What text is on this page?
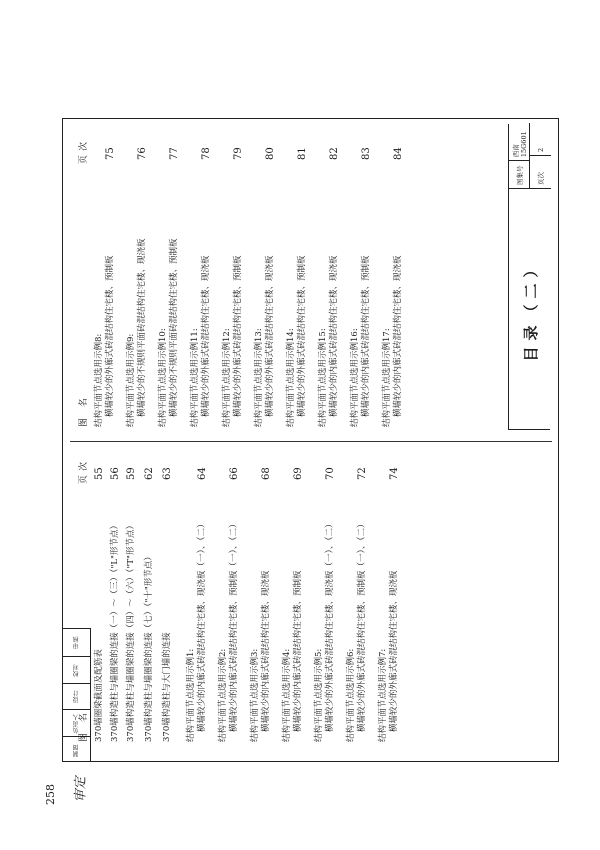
审核
校对
设计
负责人
制图
审定
258
图 名
页次
图 名
页次
370墙圈梁截面及配筋表
55
370墙构造柱与墙圈梁的连接（一）～（三）（"L"形节点）
56
370墙构造柱与墙圈梁的连接（四）～（六）（"T"形节点）
59
370墙构造柱与墙圈梁的连接（七）（"十"形节点）
62
370墙构造柱与大门墙的连接
63
结构平面节点选用示例1: 横墙较少的内廊式砖混结构住宅楼、现浇板（一）、（二）
64
结构平面节点选用示例2: 横墙较少的内廊式砖混结构住宅楼、预制板（一）、（二）
66
结构平面节点选用示例3: 横墙较少的内廊式砖混结构住宅楼、现浇板
68
结构平面节点选用示例4: 横墙较少的内廊式砖混结构住宅楼、预制板
69
结构平面节点选用示例5: 横墙较少的外廊式砖混结构住宅楼、现浇板（一）、（二）
70
结构平面节点选用示例6: 横墙较少的外廊式砖混结构住宅楼、预制板（一）、（二）
72
结构平面节点选用示例7: 横墙较少的外廊式砖混结构住宅楼、现浇板
74
结构平面节点选用示例8: 横墙较少的外廊式砖混结构住宅楼、预制板
75
结构平面节点选用示例9: 横墙较少的不规则平面砖混结构住宅楼、现浇板
76
结构平面节点选用示例10: 横墙较少的不规则平面砖混结构住宅楼、预制板
77
结构平面节点选用示例11: 横墙较少的外廊式砖混结构住宅楼、现浇板
78
结构平面节点选用示例12: 横墙较少的外廊式砖混结构住宅楼、预制板
79
结构平面节点选用示例13: 横墙较少的外廊式砖混结构住宅楼、现浇板
80
结构平面节点选用示例14: 横墙较少的外廊式砖混结构住宅楼、预制板
81
结构平面节点选用示例15: 横墙较少的内廊式砖混结构住宅楼、现浇板
82
结构平面节点选用示例16: 横墙较少的内廊式砖混结构住宅楼、预制板
83
结构平面节点选用示例17: 横墙较少的内廊式砖混结构住宅楼、现浇板
84
目录（二）
图集号
西南15G601
页次
2
